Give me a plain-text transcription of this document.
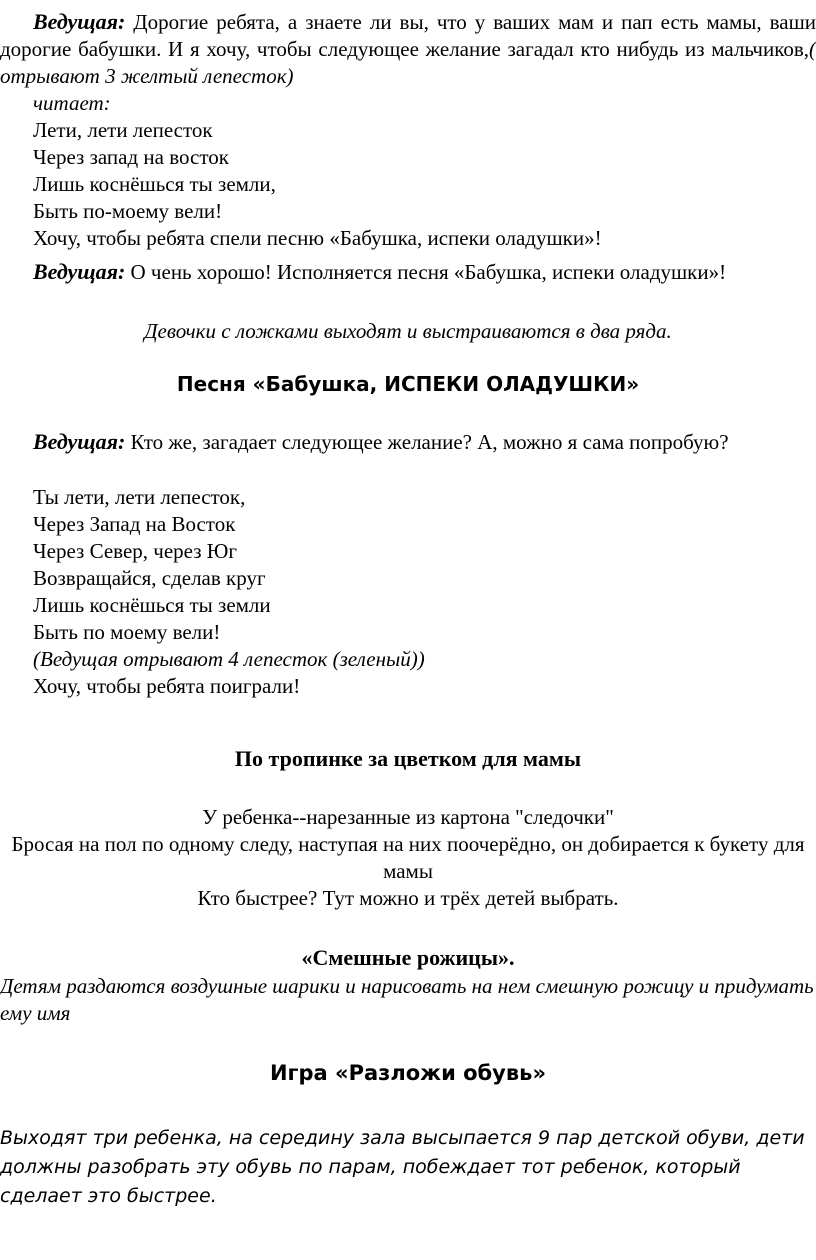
Ведущая: Дорогие ребята, а знаете ли вы, что у ваших мам и пап есть мамы, ваши дорогие бабушки. И я хочу, чтобы следующее желание загадал кто нибудь из мальчиков,( отрывают 3 желтый лепесток)

читает:

Лети, лети лепесток

Через запад на восток

Лишь коснёшься ты земли,

Быть по-моему вели!

Хочу, чтобы ребята спели песню «Бабушка, испеки оладушки»!

Ведущая: О чень хорошо! Исполняется песня «Бабушка, испеки оладушки»!

Девочки с ложками выходят и выстраиваются в два ряда.

Песня «Бабушка, ИСПЕКИ ОЛАДУШКИ»

Ведущая: Кто же, загадает следующее желание? А, можно я сама попробую?

Ты лети, лети лепесток,

Через Запад на Восток

Через Север, через Юг

Возвращайся, сделав круг

Лишь коснёшься ты земли

Быть по моему вели!

(Ведущая отрывают 4 лепесток (зеленый))

Хочу, чтобы ребята поиграли!

По тропинке за цветком для мамы

У ребенка--нарезанные из картона "следочки"

Бросая на пол по одному следу, наступая на них поочерёдно, он добирается к букету для мамы

Кто быстрее? Тут можно и трёх детей выбрать.

«Смешные рожицы».

Детям раздаются воздушные шарики и нарисовать на нем смешную рожицу и придумать ему имя

Игра «Разложи обувь»

Выходят три ребенка, на середину зала высыпается 9 пар детской обуви, дети должны разобрать эту обувь по парам, побеждает тот ребенок, который сделает это быстрее.
